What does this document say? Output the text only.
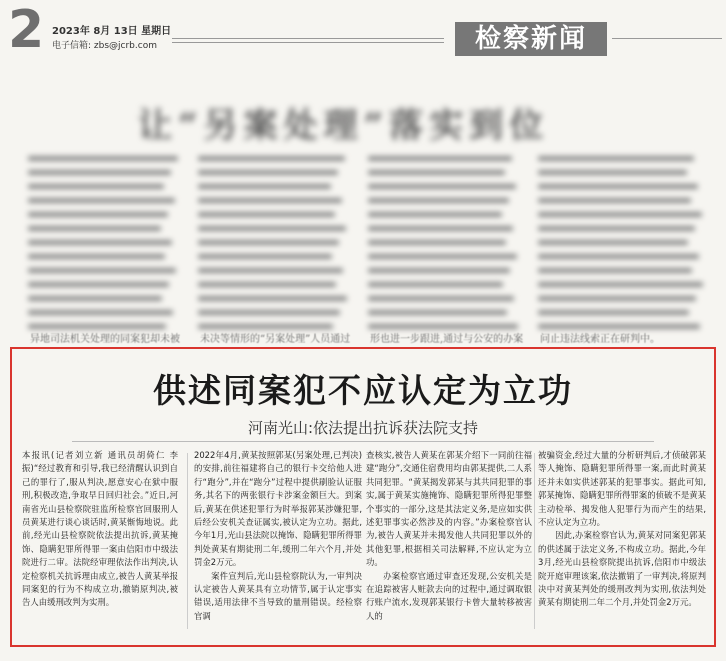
2 2023年 8月 13日 星期日
电子信箱: zbs@jcrb.com	检察新闻
让“另案处理”落实到位
异地司法机关处理的同案犯却未被 未决等情形的“另案处理”人员通过 形也进一步跟进,通过与公安的办案 问止违法线索正在研判中。
供述同案犯不应认定为立功
河南光山:依法提出抗诉获法院支持
本报讯(记者刘立新 通讯员胡倚仁 李振)“经过教育和引导,我已经清醒认识到自己的罪行了,服从判决,愿意安心在狱中服刑,积极改造,争取早日回归社会。”近日,河南省光山县检察院驻监所检察官回服刑人员黄某进行谈心谈话时,黄某惭悔地说。此前,经光山县检察院依法提出抗诉,黄某掩饰、隐瞒犯罪所得罪一案由信阳市中级法院进行二审。法院经审理依法作出判决,认定检察机关抗诉理由成立,被告人黄某举报同案犯的行为不构成立功,撤销原判决,被告人由缓刑改判为实刑。
2022年4月,黄某按照郭某(另案处理,已判决)的安排,前往福建将自己的银行卡交给他人进行“跑分”,并在“跑分”过程中提供刷脸认证服务,其名下的两张银行卡涉案金额巨大。到案后,黄某在供述犯罪行为时举报郭某涉嫌犯罪,后经公安机关查证属实,被认定为立功。据此,今年1月,光山县法院以掩饰、隐瞒犯罪所得罪判处黄某有期徒刑二年,缓刑二年六个月,并处罚金2万元。
　　案件宣判后,光山县检察院认为,一审判决认定被告人黄某具有立功情节,属于认定事实错误,适用法律不当导致的量刑错误。经检察官调
查核实,被告人黄某在郭某介绍下一同前往福建“跑分”,交通住宿费用均由郭某提供,二人系共同犯罪。“黄某揭发郭某与其共同犯罪的事实,属于黄某实施掩饰、隐瞒犯罪所得犯罪整个事实的一部分,这是其法定义务,是应如实供述犯罪事实必然涉及的内容。”办案检察官认为,被告人黄某并未揭发他人共同犯罪以外的其他犯罪,根据相关司法解释,不应认定为立功。
　　办案检察官通过审查还发现,公安机关是在追踪被害人赃款去向的过程中,通过调取银行账户流水,发现郭某银行卡曾大量转移被害人的
被骗资金,经过大量的分析研判后,才侦破郭某等人掩饰、隐瞒犯罪所得罪一案,而此时黄某还并未如实供述郭某的犯罪事实。据此可知,郭某掩饰、隐瞒犯罪所得罪案的侦破不是黄某主动检举、揭发他人犯罪行为而产生的结果,不应认定为立功。
　　因此,办案检察官认为,黄某对同案犯郭某的供述属于法定义务,不构成立功。据此,今年3月,经光山县检察院提出抗诉,信阳市中级法院开庭审理该案,依法撤销了一审判决,将原判决中对黄某判处的缓刑改判为实刑,依法判处黄某有期徒刑二年二个月,并处罚金2万元。
